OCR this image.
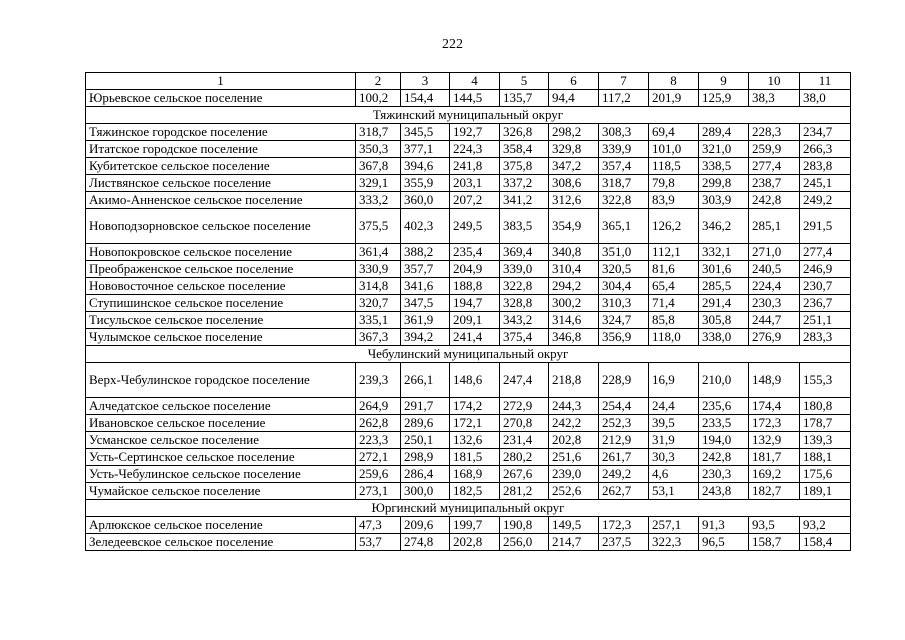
222
1	2	3	4	5	6	7	8	9	10	11
Юрьевское сельское поселение	100,2	154,4	144,5	135,7	94,4	117,2	201,9	125,9	38,3	38,0
Тяжинский муниципальный округ										
Тяжинское городское поселение	318,7	345,5	192,7	326,8	298,2	308,3	69,4	289,4	228,3	234,7
Итатское городское поселение	350,3	377,1	224,3	358,4	329,8	339,9	101,0	321,0	259,9	266,3
Кубитетское сельское поселение	367,8	394,6	241,8	375,8	347,2	357,4	118,5	338,5	277,4	283,8
Листвянское сельское поселение	329,1	355,9	203,1	337,2	308,6	318,7	79,8	299,8	238,7	245,1
Акимо-Анненское сельское поселение	333,2	360,0	207,2	341,2	312,6	322,8	83,9	303,9	242,8	249,2
Новоподзорновское сельское поселение	375,5	402,3	249,5	383,5	354,9	365,1	126,2	346,2	285,1	291,5
Новопокровское сельское поселение	361,4	388,2	235,4	369,4	340,8	351,0	112,1	332,1	271,0	277,4
Преображенское сельское поселение	330,9	357,7	204,9	339,0	310,4	320,5	81,6	301,6	240,5	246,9
Нововосточное сельское поселение	314,8	341,6	188,8	322,8	294,2	304,4	65,4	285,5	224,4	230,7
Ступишинское сельское поселение	320,7	347,5	194,7	328,8	300,2	310,3	71,4	291,4	230,3	236,7
Тисульское сельское поселение	335,1	361,9	209,1	343,2	314,6	324,7	85,8	305,8	244,7	251,1
Чулымское сельское поселение	367,3	394,2	241,4	375,4	346,8	356,9	118,0	338,0	276,9	283,3
Чебулинский муниципальный округ										
Верх-Чебулинское городское поселение	239,3	266,1	148,6	247,4	218,8	228,9	16,9	210,0	148,9	155,3
Алчедатское сельское поселение	264,9	291,7	174,2	272,9	244,3	254,4	24,4	235,6	174,4	180,8
Ивановское сельское поселение	262,8	289,6	172,1	270,8	242,2	252,3	39,5	233,5	172,3	178,7
Усманское сельское поселение	223,3	250,1	132,6	231,4	202,8	212,9	31,9	194,0	132,9	139,3
Усть-Сертинское сельское поселение	272,1	298,9	181,5	280,2	251,6	261,7	30,3	242,8	181,7	188,1
Усть-Чебулинское сельское поселение	259,6	286,4	168,9	267,6	239,0	249,2	4,6	230,3	169,2	175,6
Чумайское сельское поселение	273,1	300,0	182,5	281,2	252,6	262,7	53,1	243,8	182,7	189,1
Юргинский муниципальный округ										
Арлюкское сельское поселение	47,3	209,6	199,7	190,8	149,5	172,3	257,1	91,3	93,5	93,2
Зеледеевское сельское поселение	53,7	274,8	202,8	256,0	214,7	237,5	322,3	96,5	158,7	158,4
